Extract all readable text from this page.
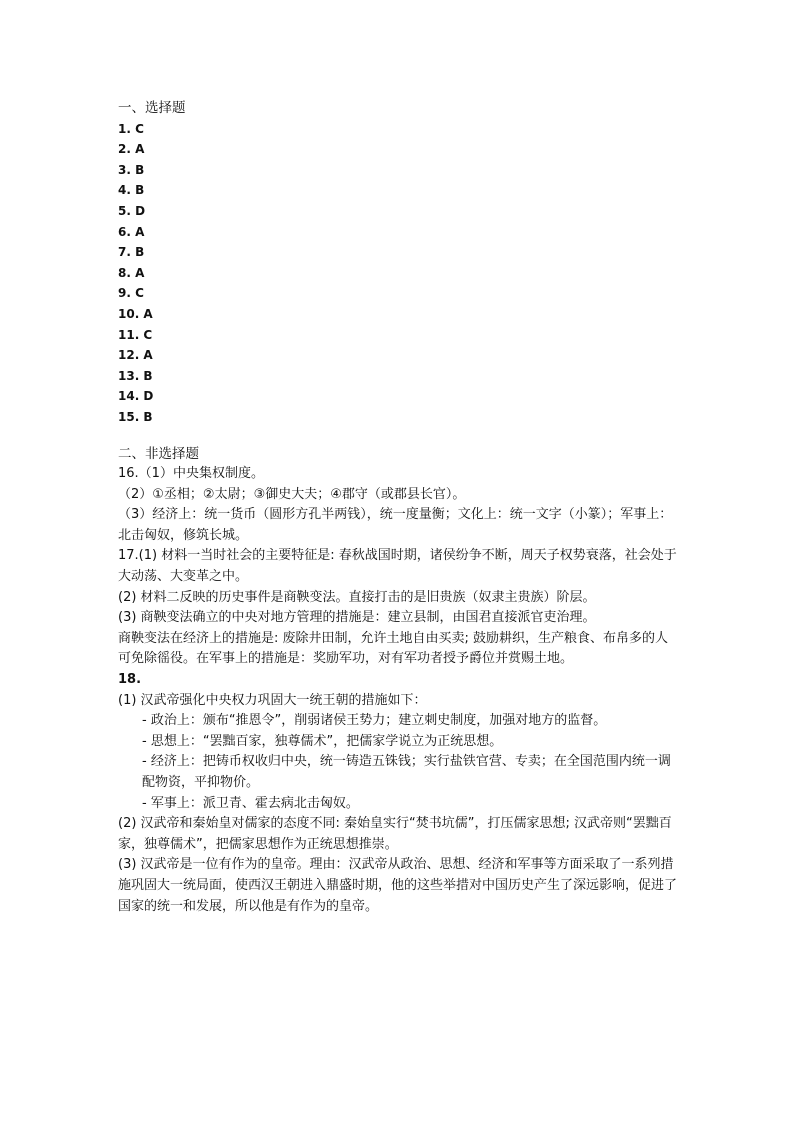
一、选择题
1. C
2. A
3. B
4. B
5. D
6. A
7. B
8. A
9. C
10. A
11. C
12. A
13. B
14. D
15. B
二、非选择题
16.（1）中央集权制度。
（2）①丞相；②太尉；③御史大夫；④郡守（或郡县长官）。
（3）经济上：统一货币（圆形方孔半两钱），统一度量衡；文化上：统一文字（小篆）；军事上：北击匈奴，修筑长城。
17.(1) 材料一当时社会的主要特征是: 春秋战国时期，诸侯纷争不断，周天子权势衰落，社会处于大动荡、大变革之中。
(2) 材料二反映的历史事件是商鞅变法。直接打击的是旧贵族（奴隶主贵族）阶层。
(3) 商鞅变法确立的中央对地方管理的措施是：建立县制，由国君直接派官吏治理。
商鞅变法在经济上的措施是: 废除井田制，允许土地自由买卖; 鼓励耕织，生产粮食、布帛多的人可免除徭役。在军事上的措施是：奖励军功，对有军功者授予爵位并赏赐土地。
18.
(1) 汉武帝强化中央权力巩固大一统王朝的措施如下：
- 政治上：颁布“推恩令”，削弱诸侯王势力；建立刺史制度，加强对地方的监督。
- 思想上：“罢黜百家，独尊儒术”，把儒家学说立为正统思想。
- 经济上：把铸币权收归中央，统一铸造五铢钱；实行盐铁官营、专卖；在全国范围内统一调配物资，平抑物价。
- 军事上：派卫青、霍去病北击匈奴。
(2) 汉武帝和秦始皇对儒家的态度不同: 秦始皇实行“焚书坑儒”，打压儒家思想; 汉武帝则“罢黜百家，独尊儒术”，把儒家思想作为正统思想推崇。
(3) 汉武帝是一位有作为的皇帝。理由：汉武帝从政治、思想、经济和军事等方面采取了一系列措施巩固大一统局面，使西汉王朝进入鼎盛时期，他的这些举措对中国历史产生了深远影响，促进了国家的统一和发展，所以他是有作为的皇帝。
